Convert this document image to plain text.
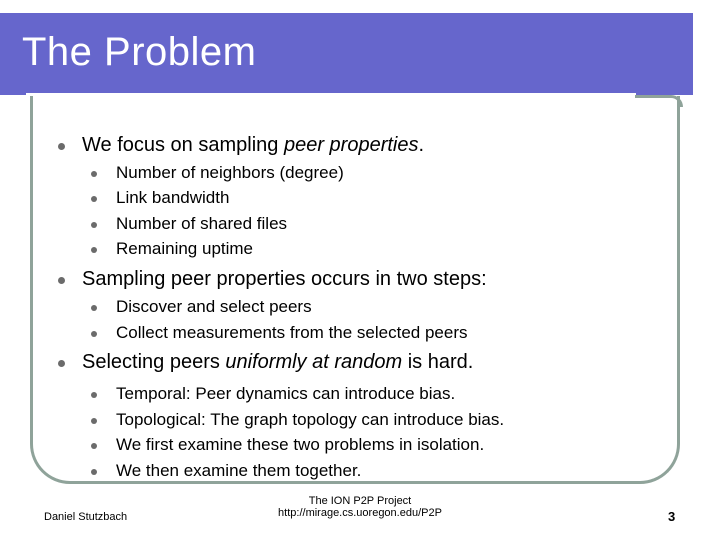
The Problem
We focus on sampling peer properties.
Number of neighbors (degree)
Link bandwidth
Number of shared files
Remaining uptime
Sampling peer properties occurs in two steps:
Discover and select peers
Collect measurements from the selected peers
Selecting peers uniformly at random is hard.
Temporal: Peer dynamics can introduce bias.
Topological: The graph topology can introduce bias.
We first examine these two problems in isolation.
We then examine them together.
Daniel Stutzbach
The ION P2P Project
http://mirage.cs.uoregon.edu/P2P	3
